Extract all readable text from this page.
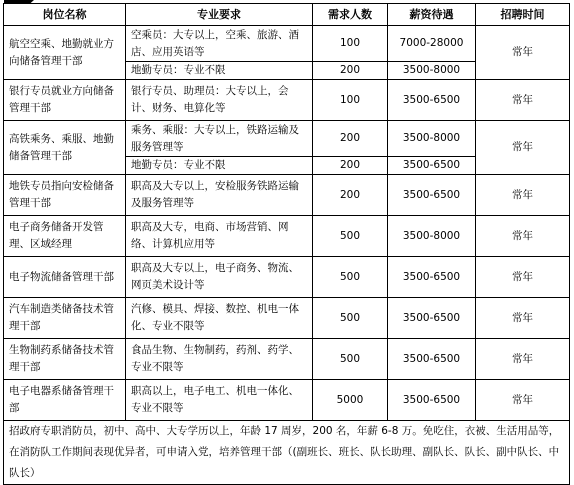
岗位名称	专业要求	需求人数	薪资待遇	招聘时间
航空空乘、地勤就业方向储备管理干部	空乘员：大专以上，空乘、旅游、酒店、应用英语等	100	7000-28000	常年
	地勤专员：专业不限	200	3500-8000	
银行专员就业方向储备管理干部	银行专员、助理员：大专以上，会计、财务、电算化等	100	3500-6500	常年
高铁乘务、乘服、地勤储备管理干部	乘务、乘服：大专以上，铁路运输及服务管理等	200	3500-8000	常年
	地勤专员：专业不限	200	3500-6500	
地铁专员指向安检储备管理干部	职高及大专以上，安检服务铁路运输及服务管理等	200	3500-6500	常年
电子商务储备开发管理、区域经理	职高及大专，电商、市场营销、网络、计算机应用等	500	3500-8000	常年
电子物流储备管理干部	职高及大专以上，电子商务、物流、网页美术设计等	500	3500-6500	常年
汽车制造类储备技术管理干部	汽修、模具、焊接、数控、机电一体化、专业不限等	500	3500-6500	常年
生物制药系储备技术管理干部	食品生物、生物制药，药剂、药学、专业不限等	500	3500-6500	常年
电子电器系储备管理干部	职高以上，电子电工、机电一体化、专业不限等	5000	3500-6500	常年
招政府专职消防员，初中、高中、大专学历以上，年龄 17 周岁，200 名，年薪 6-8 万。免吃住，衣被、生活用品等，在消防队工作期间表现优异者，可申请入党，培养管理干部（(副班长、班长、队长助理、副队长、队长、副中队长、中队长）				
